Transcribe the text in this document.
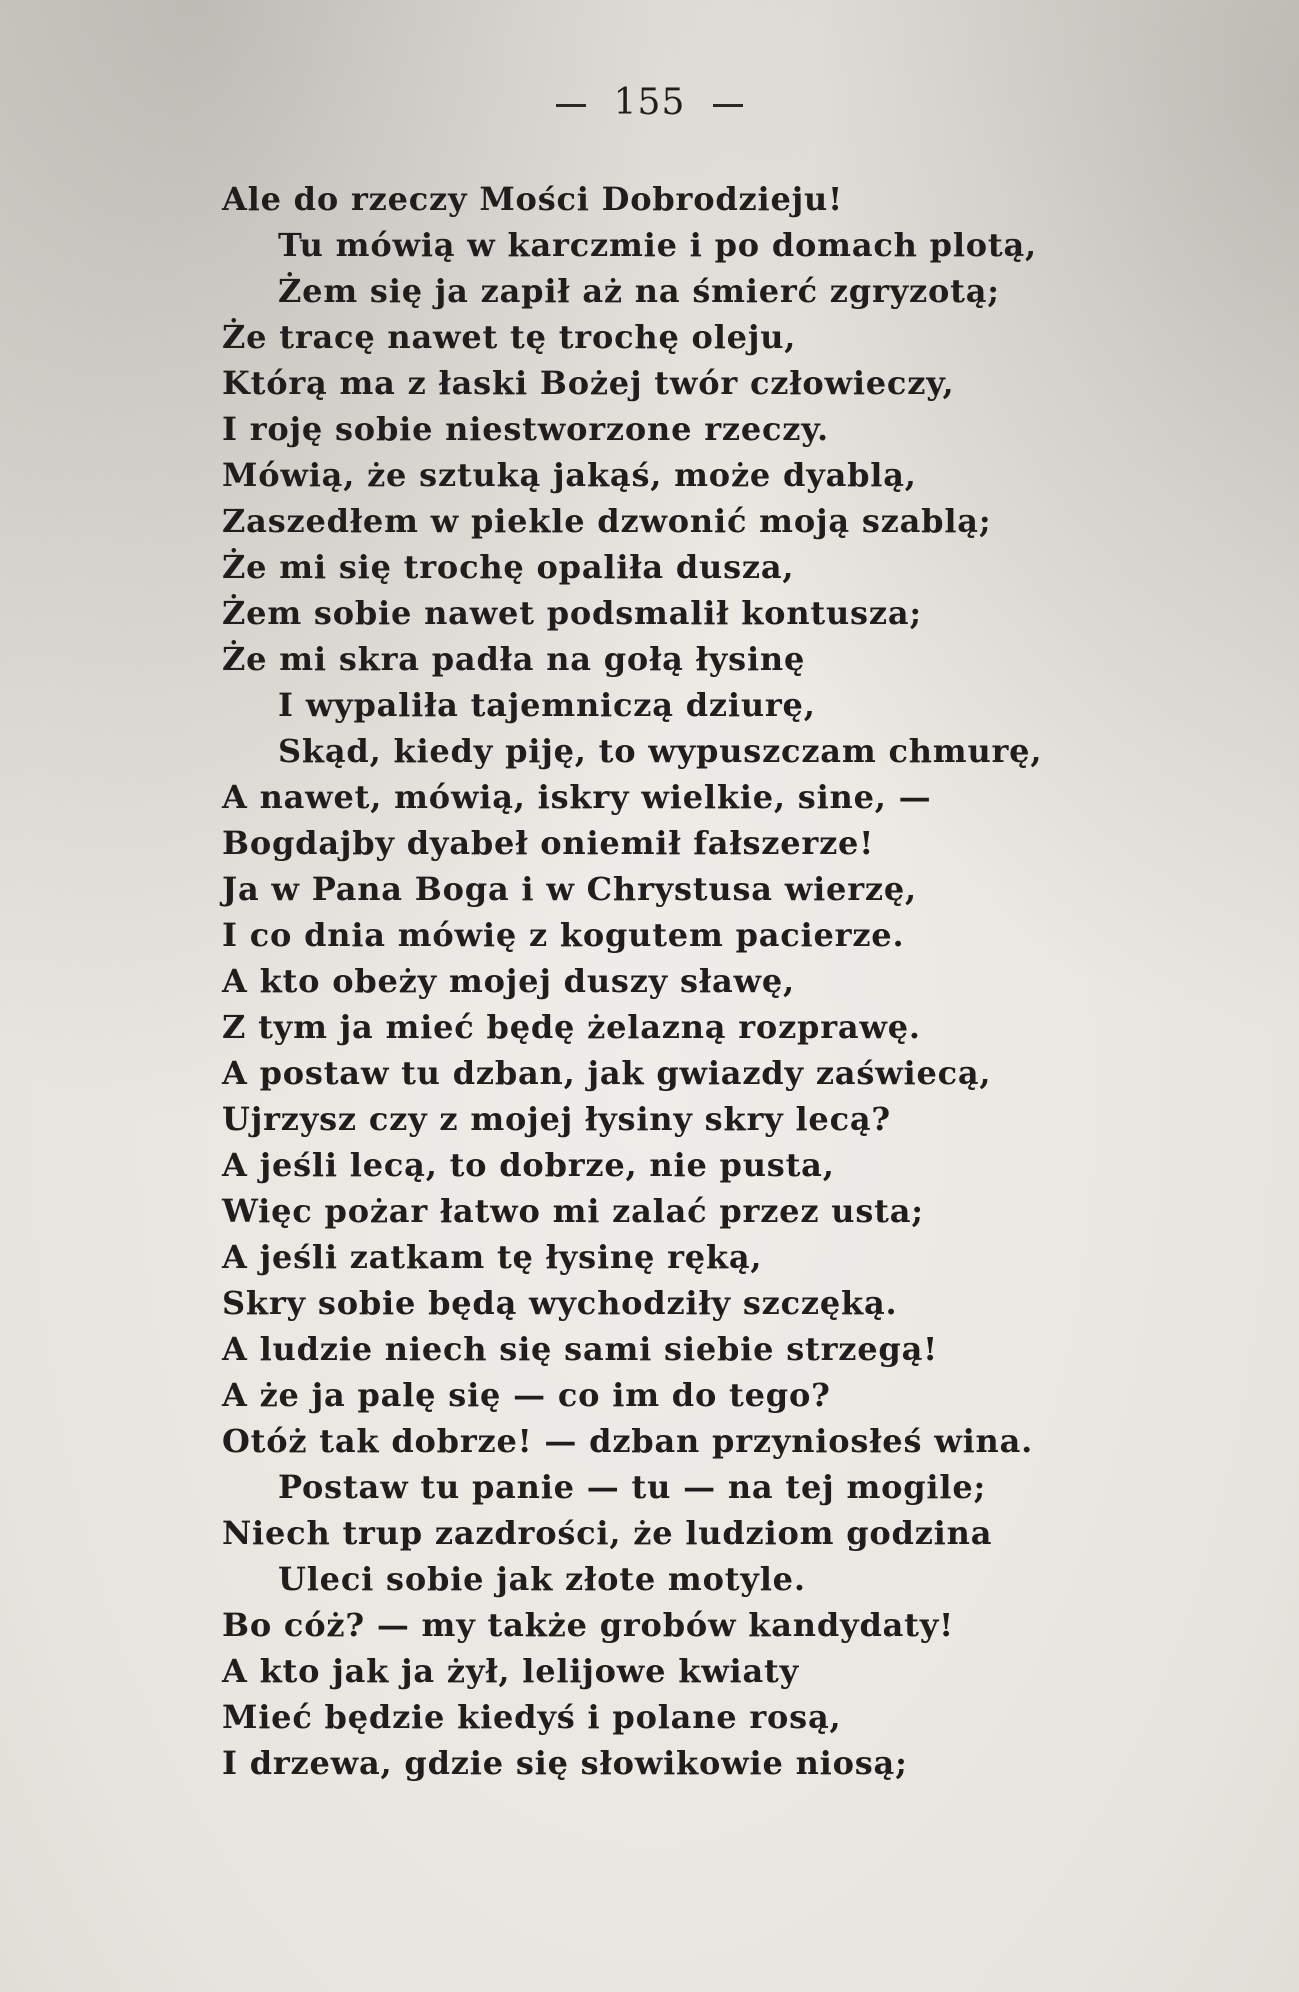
155
Ale do rzeczy Mości Dobrodzieju!
Tu mówią w karczmie i po domach plotą,
Żem się ja zapił aż na śmierć zgryzotą;
Że tracę nawet tę trochę oleju,
Którą ma z łaski Bożej twór człowieczy,
I roję sobie niestworzone rzeczy.
Mówią, że sztuką jakąś, może dyablą,
Zaszedłem w piekle dzwonić moją szablą;
Że mi się trochę opaliła dusza,
Żem sobie nawet podsmalił kontusza;
Że mi skra padła na gołą łysinę
I wypaliła tajemniczą dziurę,
Skąd, kiedy piję, to wypuszczam chmurę,
A nawet, mówią, iskry wielkie, sine, —
Bogdajby dyabeł oniemił fałszerze!
Ja w Pana Boga i w Chrystusa wierzę,
I co dnia mówię z kogutem pacierze.
A kto obeży mojej duszy sławę,
Z tym ja mieć będę żelazną rozprawę.
A postaw tu dzban, jak gwiazdy zaświecą,
Ujrzysz czy z mojej łysiny skry lecą?
A jeśli lecą, to dobrze, nie pusta,
Więc pożar łatwo mi zalać przez usta;
A jeśli zatkam tę łysinę ręką,
Skry sobie będą wychodziły szczęką.
A ludzie niech się sami siebie strzegą!
A że ja palę się — co im do tego?
Otóż tak dobrze! — dzban przyniosłeś wina.
Postaw tu panie — tu — na tej mogile;
Niech trup zazdrości, że ludziom godzina
Uleci sobie jak złote motyle.
Bo cóż? — my także grobów kandydaty!
A kto jak ja żył, lelijowe kwiaty
Mieć będzie kiedyś i polane rosą,
I drzewa, gdzie się słowikowie niosą;
